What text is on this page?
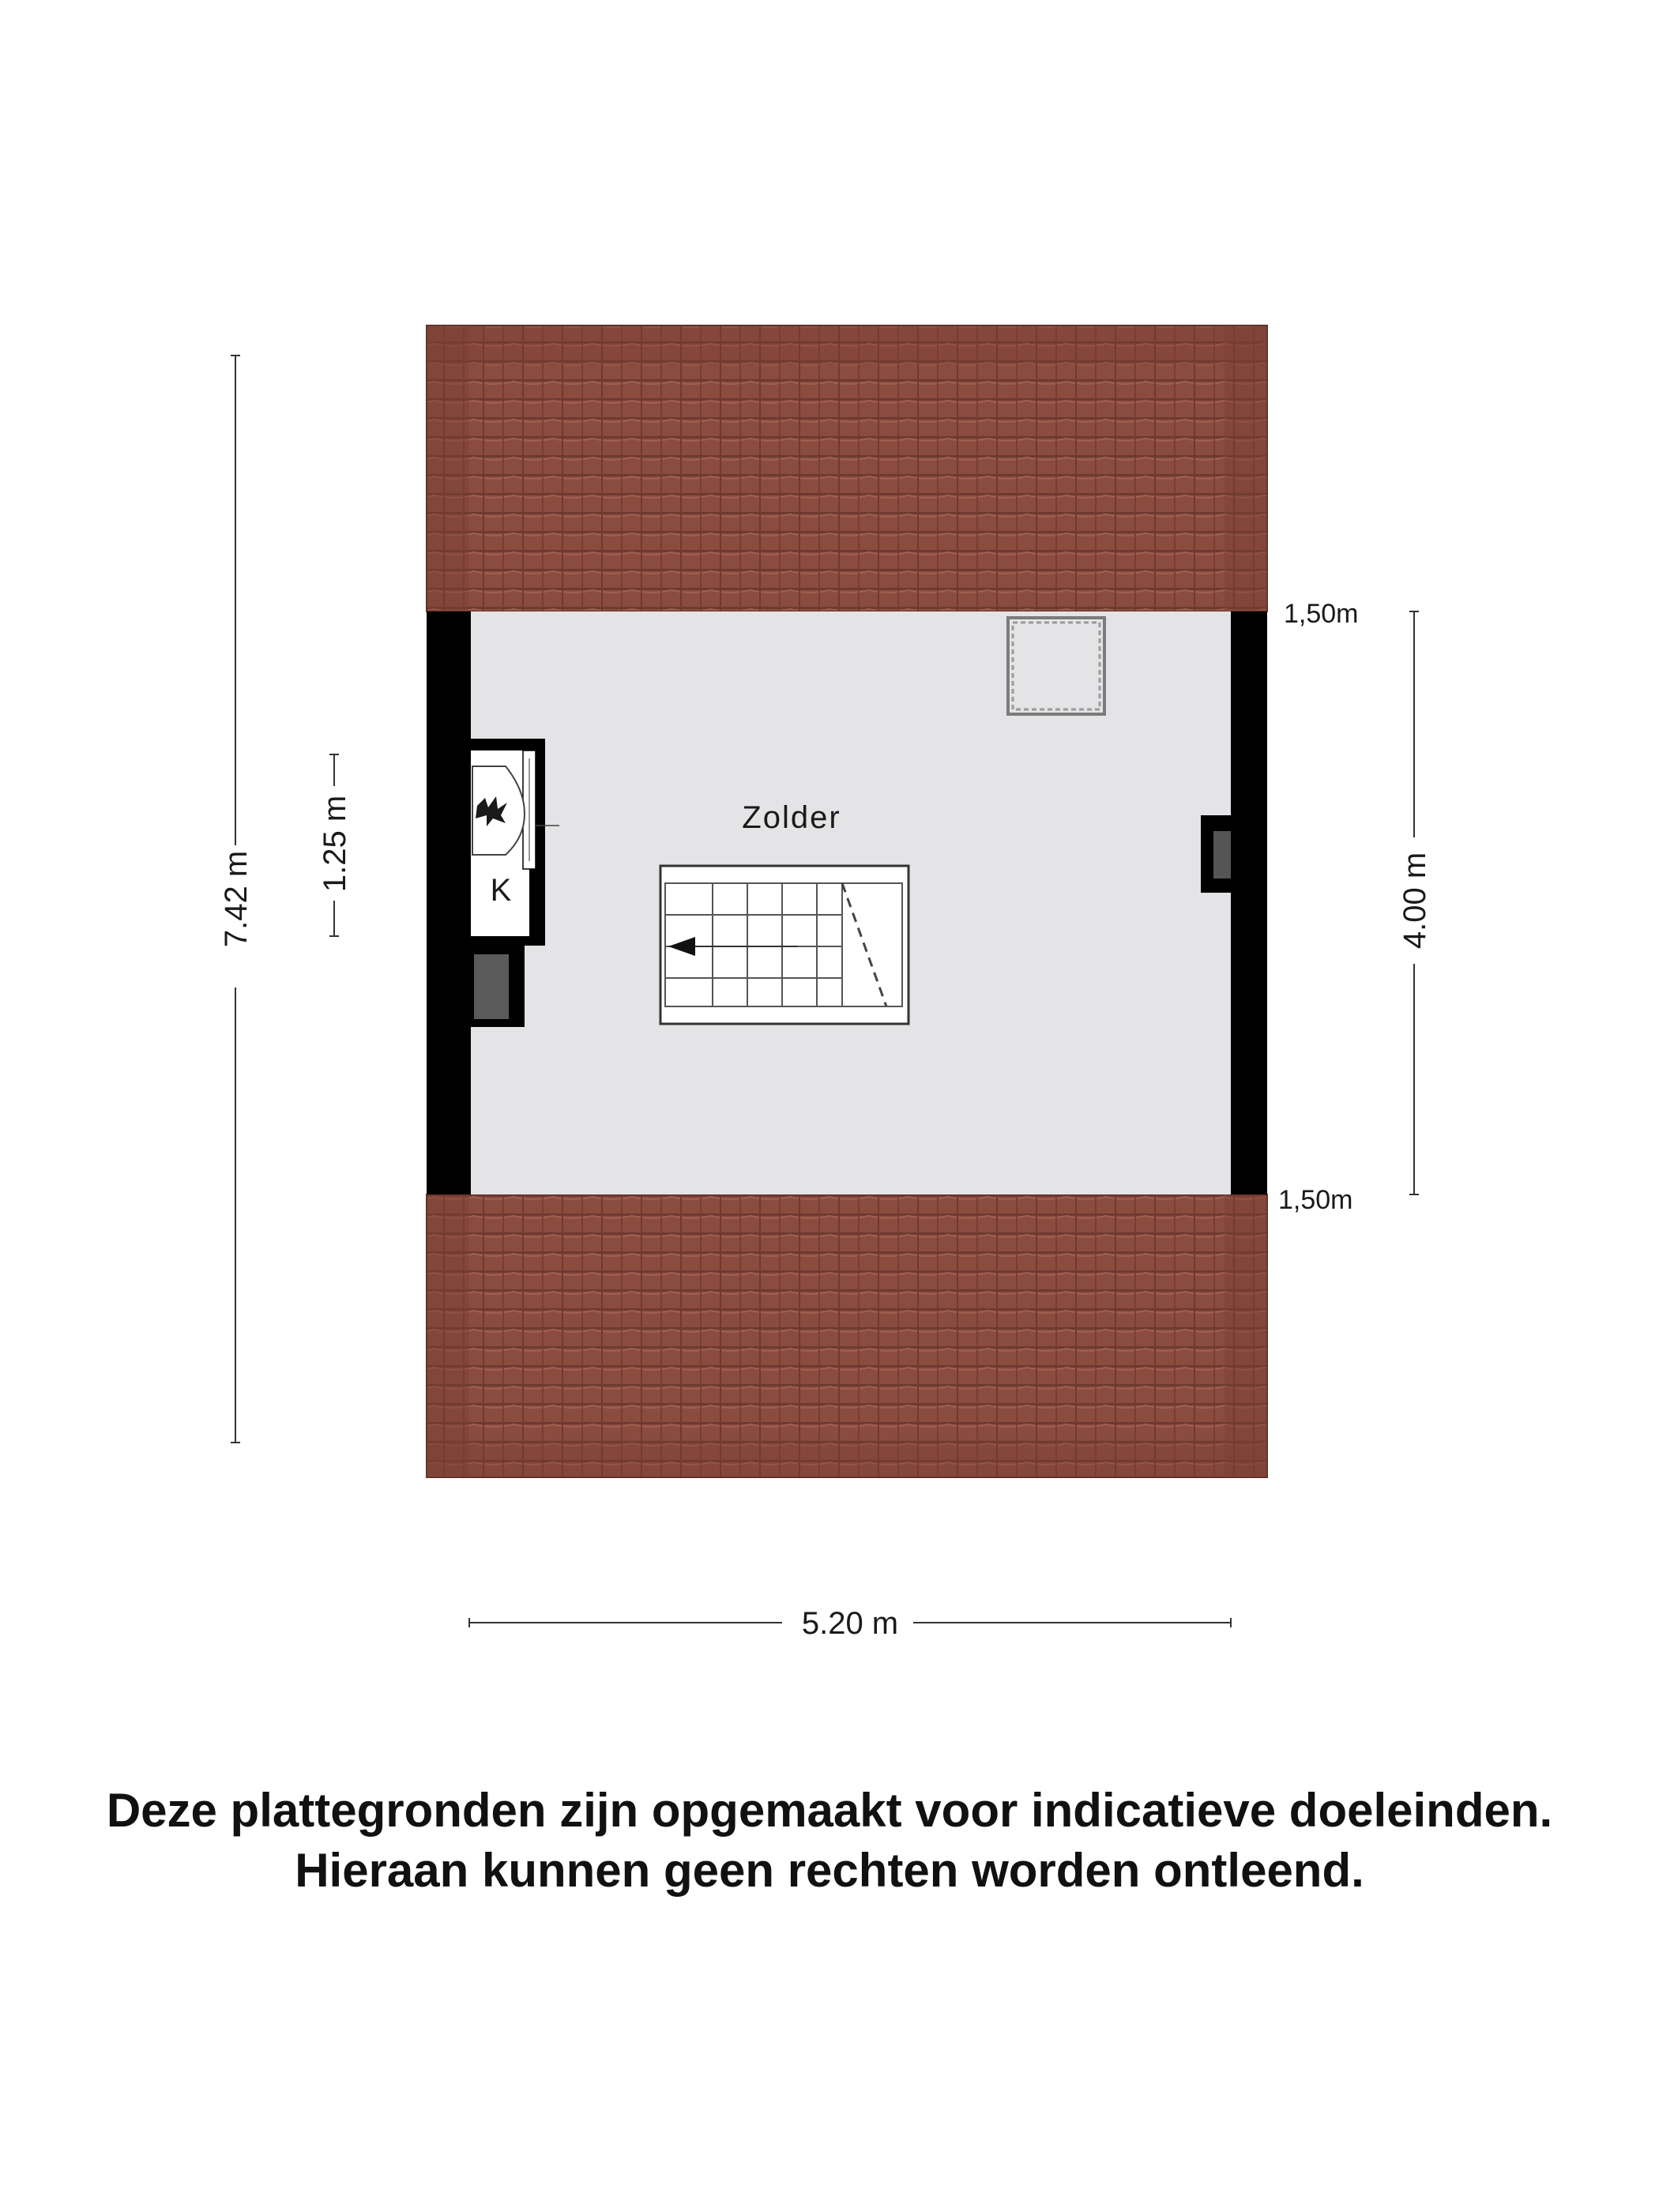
K
Zolder
7.42 m
1.25 m
4.00 m
1,50m
1,50m
5.20 m
Deze plattegronden zijn opgemaakt voor indicatieve doeleinden.
Hieraan kunnen geen rechten worden ontleend.
